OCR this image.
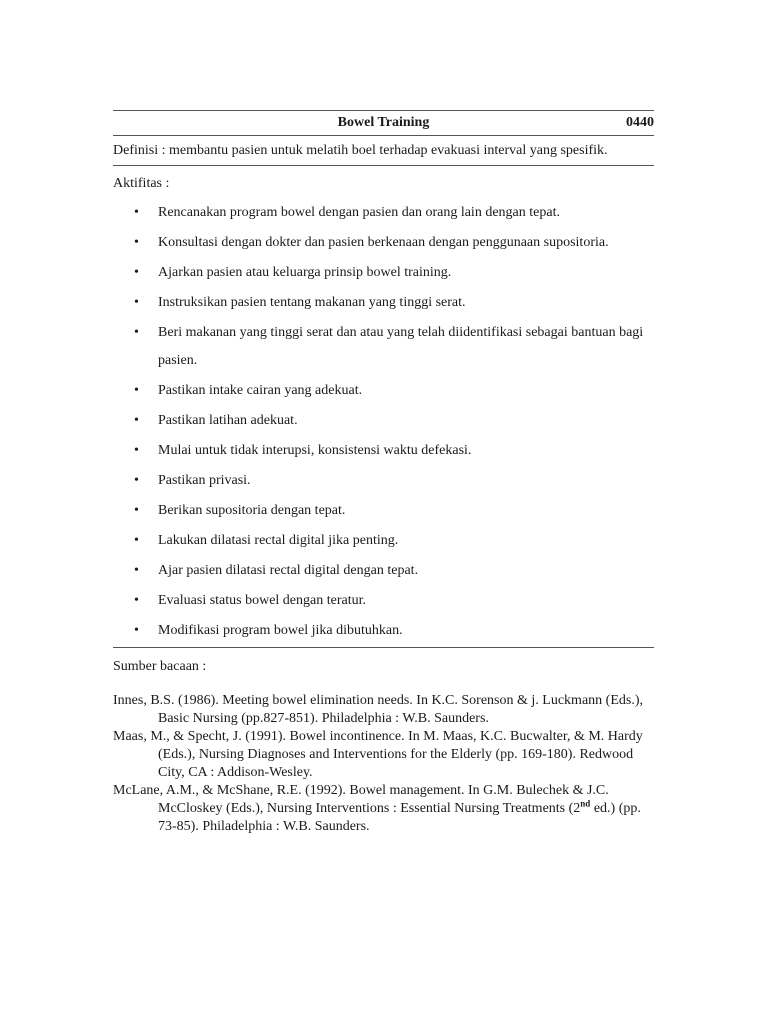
Bowel Training	0440
Definisi : membantu pasien untuk melatih boel terhadap evakuasi interval yang spesifik.
Aktifitas :
• Rencanakan program bowel dengan pasien dan orang lain dengan tepat.
• Konsultasi dengan dokter dan pasien berkenaan dengan penggunaan supositoria.
• Ajarkan pasien atau keluarga prinsip bowel training.
• Instruksikan pasien tentang makanan yang tinggi serat.
• Beri makanan yang tinggi serat dan atau yang telah diidentifikasi sebagai bantuan bagi pasien.
• Pastikan intake cairan yang adekuat.
• Pastikan latihan adekuat.
• Mulai untuk tidak interupsi, konsistensi waktu defekasi.
• Pastikan privasi.
• Berikan supositoria dengan tepat.
• Lakukan dilatasi rectal digital jika penting.
• Ajar pasien dilatasi rectal digital dengan tepat.
• Evaluasi status bowel dengan teratur.
• Modifikasi program bowel jika dibutuhkan.
Sumber bacaan :
Innes, B.S. (1986). Meeting bowel elimination needs. In K.C. Sorenson & j. Luckmann (Eds.), Basic Nursing (pp.827-851). Philadelphia : W.B. Saunders.
Maas, M., & Specht, J. (1991). Bowel incontinence. In M. Maas, K.C. Bucwalter, & M. Hardy (Eds.), Nursing Diagnoses and Interventions for the Elderly (pp. 169-180). Redwood City, CA : Addison-Wesley.
McLane, A.M., & McShane, R.E. (1992). Bowel management. In G.M. Bulechek & J.C. McCloskey (Eds.), Nursing Interventions : Essential Nursing Treatments (2nd ed.) (pp. 73-85). Philadelphia : W.B. Saunders.
